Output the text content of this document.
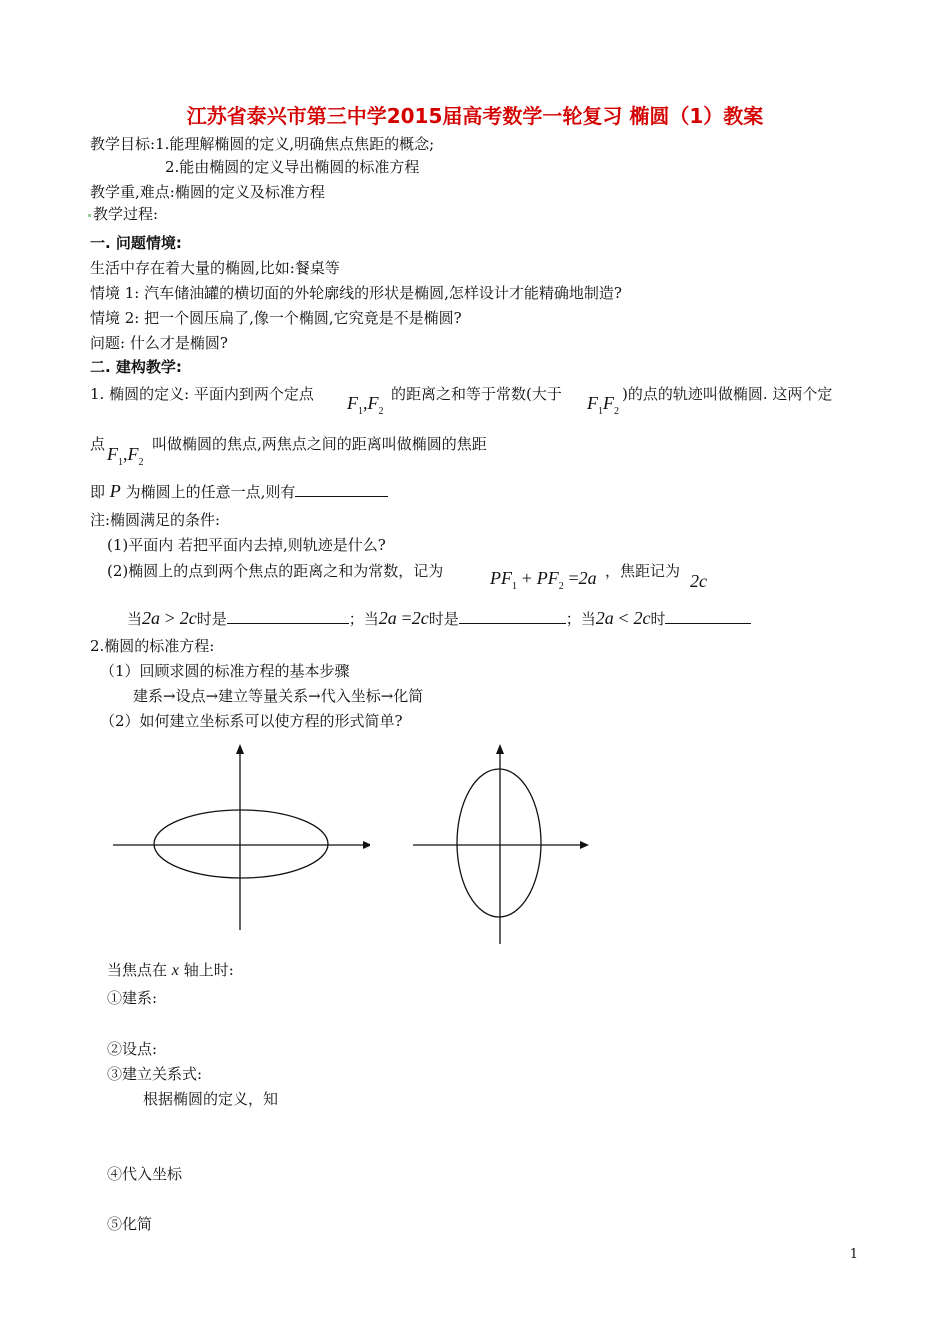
江苏省泰兴市第三中学2015届高考数学一轮复习 椭圆（1）教案
教学目标:1.能理解椭圆的定义,明确焦点焦距的概念;
2.能由椭圆的定义导出椭圆的标准方程
教学重,难点:椭圆的定义及标准方程
教学过程:
一. 问题情境:
生活中存在着大量的椭圆,比如:餐桌等
情境 1: 汽车储油罐的横切面的外轮廓线的形状是椭圆,怎样设计才能精确地制造?
情境 2: 把一个圆压扁了,像一个椭圆,它究竟是不是椭圆?
问题: 什么才是椭圆?
二. 建构教学:
1. 椭圆的定义: 平面内到两个定点 $F_1,F_2$
的距离之和等于常数(大于 $F_1F_2$
)的点的轨迹叫做椭圆. 这两个定
点 $F_1,F_2$
叫做椭圆的焦点,两焦点之间的距离叫做椭圆的焦距
即 P 为椭圆上的任意一点,则有
注:椭圆满足的条件:
(1)平面内 若把平面内去掉,则轨迹是什么?
(2)椭圆上的点到两个焦点的距离之和为常数，记为	$PF_1 + PF_2 =2a$ ，焦距记为 2c
当2a > 2c时是	；当2a =2c时是	；当2a < 2c时
2.椭圆的标准方程:
（1）回顾求圆的标准方程的基本步骤
建系→设点→建立等量关系→代入坐标→化简
（2）如何建立坐标系可以使方程的形式简单?
当焦点在 x 轴上时:
①建系:
②设点:
③建立关系式:
根据椭圆的定义，知
④代入坐标
⑤化简
1
